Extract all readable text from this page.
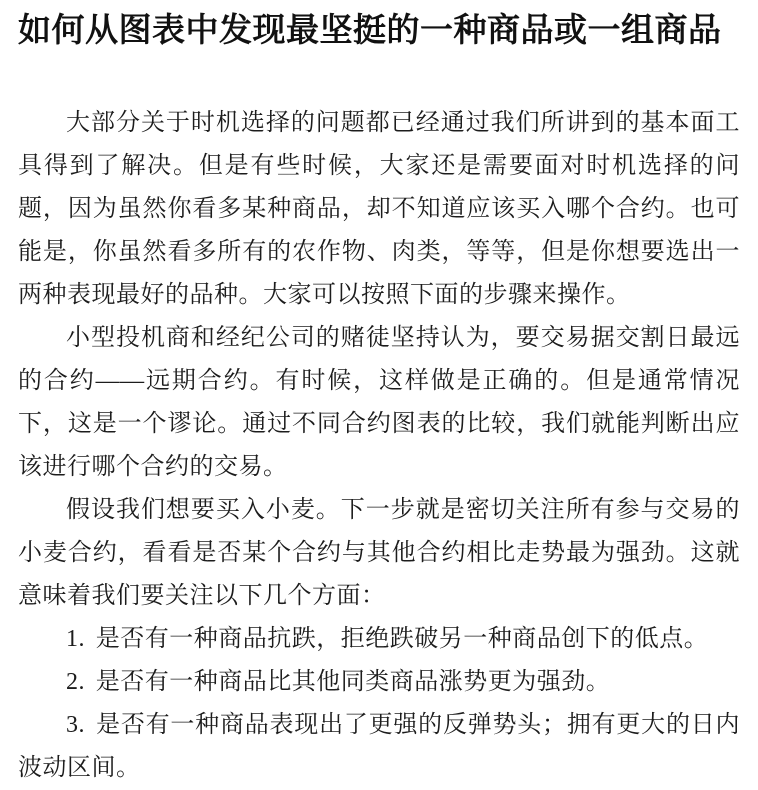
如何从图表中发现最坚挺的一种商品或一组商品

大部分关于时机选择的问题都已经通过我们所讲到的基本面工具得到了解决。但是有些时候，大家还是需要面对时机选择的问题，因为虽然你看多某种商品，却不知道应该买入哪个合约。也可能是，你虽然看多所有的农作物、肉类，等等，但是你想要选出一两种表现最好的品种。大家可以按照下面的步骤来操作。

小型投机商和经纪公司的赌徒坚持认为，要交易据交割日最远的合约——远期合约。有时候，这样做是正确的。但是通常情况下，这是一个谬论。通过不同合约图表的比较，我们就能判断出应该进行哪个合约的交易。

假设我们想要买入小麦。下一步就是密切关注所有参与交易的小麦合约，看看是否某个合约与其他合约相比走势最为强劲。这就意味着我们要关注以下几个方面：

1. 是否有一种商品抗跌，拒绝跌破另一种商品创下的低点。

2. 是否有一种商品比其他同类商品涨势更为强劲。

3. 是否有一种商品表现出了更强的反弹势头；拥有更大的日内波动区间。
